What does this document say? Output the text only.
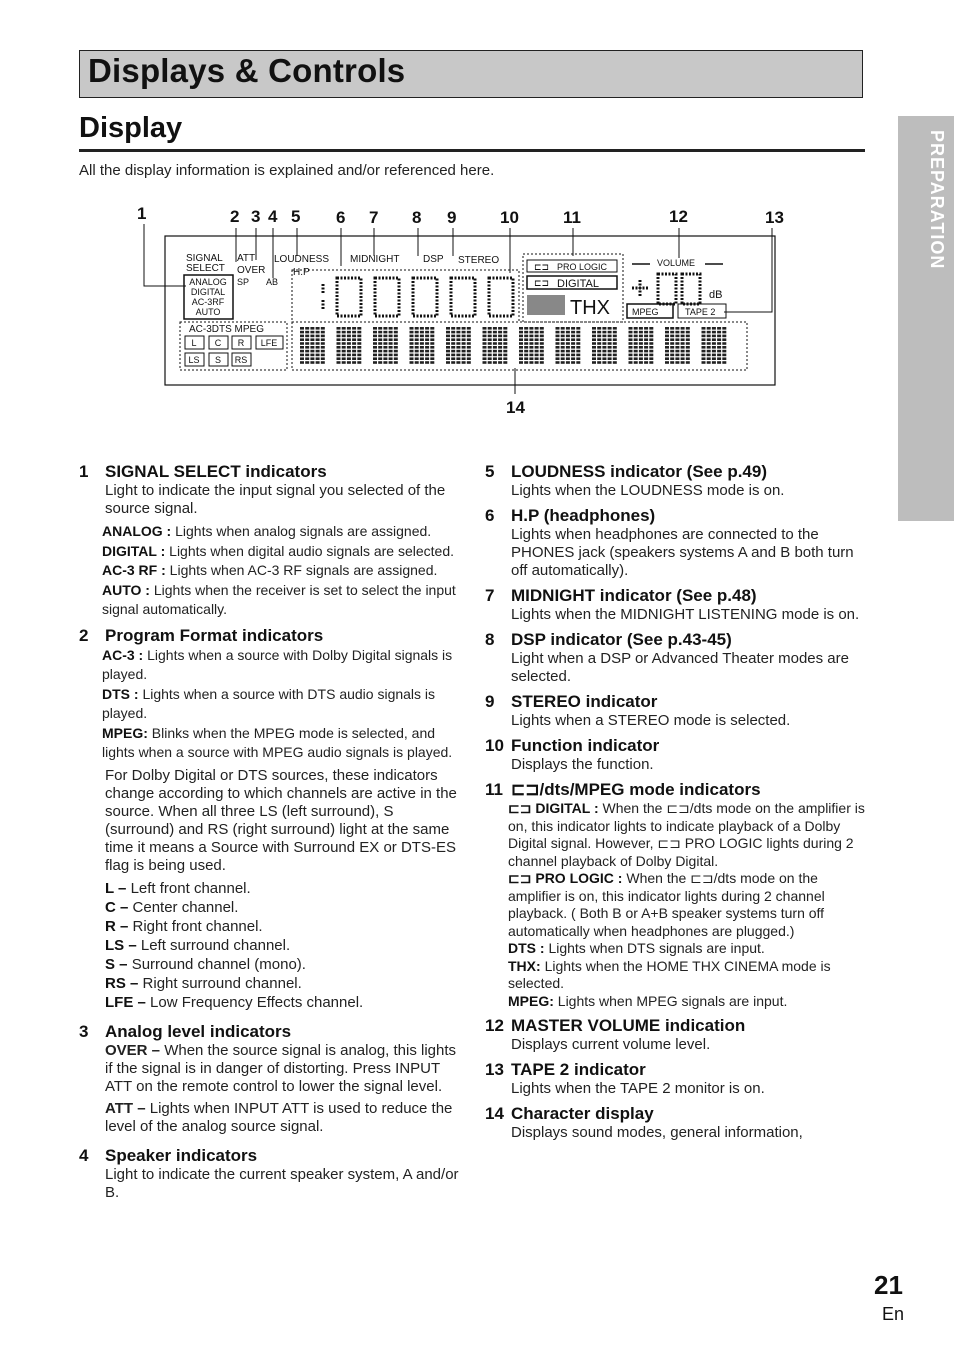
Displays & Controls
Display
All the display information is explained and/or referenced here.	PREPARATION
1	2 3 4 5 6 7 8 9	10	11	12	13
14
SIGNAL
SELECT
ANALOG
DIGITAL
AC-3RF
AUTO
ATT
OVER
SP AB
LOUDNESS
H.P
MIDNIGHT DSP STEREO
AC-3DTS MPEG
L C R LFE
LS S RS
PRO LOGIC
⊏⊐
⊏⊐ DIGITAL
THX
VOLUME
dB
MPEG	TAPE 2
1 SIGNAL SELECT indicators
Light to indicate the input signal you selected of the source signal.
ANALOG : Lights when analog signals are assigned.
DIGITAL : Lights when digital audio signals are selected.
AC-3 RF : Lights when AC-3 RF signals are assigned.
AUTO : Lights when the receiver is set to select the input signal automatically.
2 Program Format indicators
AC-3 : Lights when a source with Dolby Digital signals is played.
DTS : Lights when a source with DTS audio signals is played.
MPEG: Blinks when the MPEG mode is selected, and lights when a source with MPEG audio signals is played.
For Dolby Digital or DTS sources, these indicators change according to which channels are active in the source. When all three LS (left surround), S (surround) and RS (right surround) light at the same time it means a Source with Surround EX or DTS-ES flag is being used.
L – Left front channel.
C – Center channel.
R – Right front channel.
LS – Left surround channel.
S – Surround channel (mono).
RS – Right surround channel.
LFE – Low Frequency Effects channel.
3 Analog level indicators
OVER – When the source signal is analog, this lights if the signal is in danger of distorting. Press INPUT ATT on the remote control to lower the signal level.
ATT – Lights when INPUT ATT is used to reduce the level of the analog source signal.
4 Speaker indicators
Light to indicate the current speaker system, A and/or B.
5 LOUDNESS indicator (See p.49)
Lights when the LOUDNESS mode is on.
6 H.P (headphones)
Lights when headphones are connected to the PHONES jack (speakers systems A and B both turn off automatically).
7 MIDNIGHT indicator (See p.48)
Lights when the MIDNIGHT LISTENING mode is on.
8 DSP indicator (See p.43-45)
Light when a DSP or Advanced Theater modes are selected.
9 STEREO indicator
Lights when a STEREO mode is selected.
10 Function indicator
Displays the function.
11 ⊏⊐/dts/MPEG mode indicators
⊏⊐ DIGITAL : When the ⊏⊐/dts mode on the amplifier is on, this indicator lights to indicate playback of a Dolby Digital signal. However, ⊏⊐ PRO LOGIC lights during 2 channel playback of Dolby Digital.
⊏⊐ PRO LOGIC : When the ⊏⊐/dts mode on the amplifier is on, this indicator lights during 2 channel playback. ( Both B or A+B speaker systems turn off automatically when headphones are plugged.)
DTS : Lights when DTS signals are input.
THX: Lights when the HOME THX CINEMA mode is selected.
MPEG: Lights when MPEG signals are input.
12 MASTER VOLUME indication
Displays current volume level.
13 TAPE 2 indicator
Lights when the TAPE 2 monitor is on.
14 Character display
Displays sound modes, general information,
21
En
